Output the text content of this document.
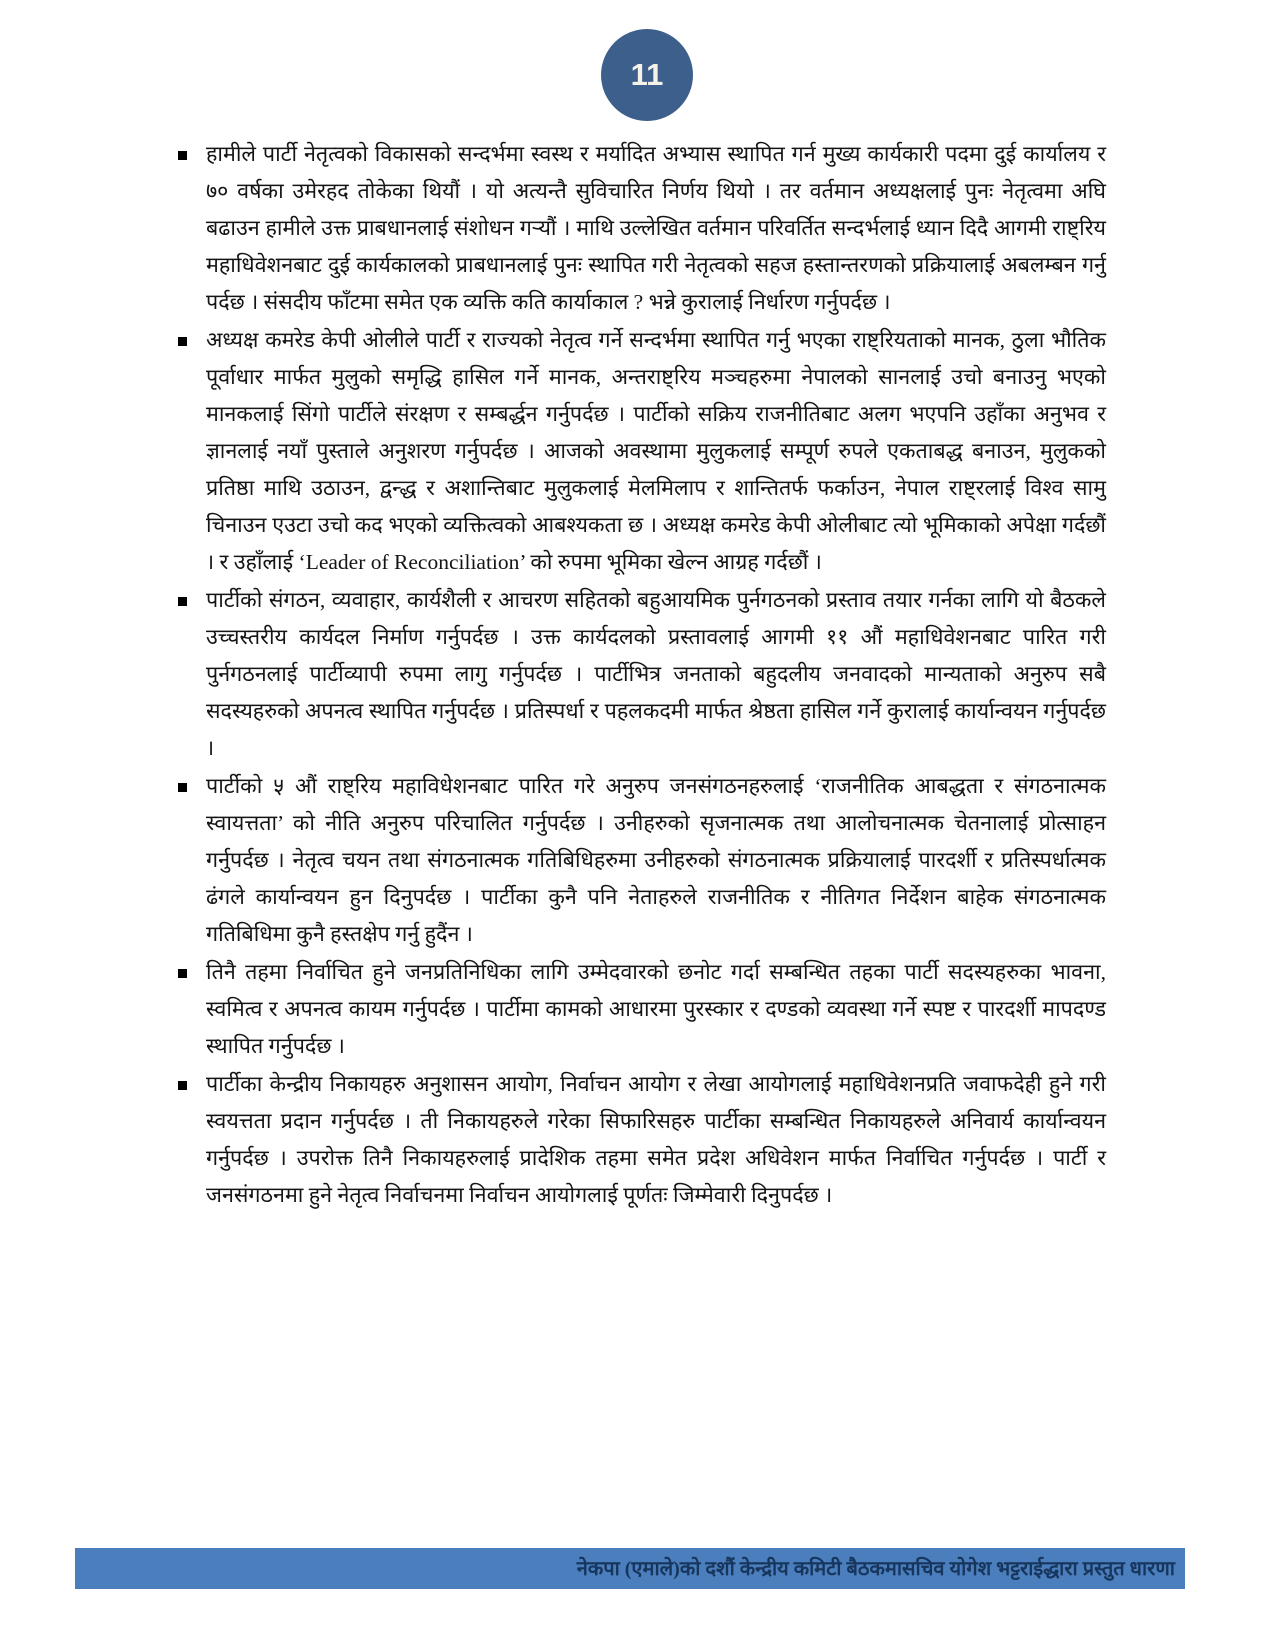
11
हामीले पार्टी नेतृत्वको विकासको सन्दर्भमा स्वस्थ र मर्यादित अभ्यास स्थापित गर्न मुख्य कार्यकारी पदमा दुई कार्यालय र ७० वर्षका उमेरहद तोकेका थियौं । यो अत्यन्तै सुविचारित निर्णय थियो । तर वर्तमान अध्यक्षलाई पुनः नेतृत्वमा अघि बढाउन हामीले उक्त प्राबधानलाई संशोधन गर्‍यौं । माथि उल्लेखित वर्तमान परिवर्तित सन्दर्भलाई ध्यान दिदै आगमी राष्ट्रिय महाधिवेशनबाट दुई कार्यकालको प्राबधानलाई पुनः स्थापित गरी नेतृत्वको सहज हस्तान्तरणको प्रक्रियालाई अबलम्बन गर्नु पर्दछ । संसदीय फाँटमा समेत एक व्यक्ति कति कार्याकाल ? भन्ने कुरालाई निर्धारण गर्नुपर्दछ ।
अध्यक्ष कमरेड केपी ओलीले पार्टी र राज्यको नेतृत्व गर्ने सन्दर्भमा स्थापित गर्नु भएका राष्ट्रियताको मानक, ठुला भौतिक पूर्वाधार मार्फत मुलुको समृद्धि हासिल गर्ने मानक, अन्तराष्ट्रिय मञ्चहरुमा नेपालको सानलाई उचो बनाउनु भएको मानकलाई सिंगो पार्टीले संरक्षण र सम्बर्द्धन गर्नुपर्दछ । पार्टीको सक्रिय राजनीतिबाट अलग भएपनि उहाँका अनुभव र ज्ञानलाई नयाँ पुस्ताले अनुशरण गर्नुपर्दछ । आजको अवस्थामा मुलुकलाई सम्पूर्ण रुपले एकताबद्ध बनाउन, मुलुकको प्रतिष्ठा माथि उठाउन, द्वन्द्ध र अशान्तिबाट मुलुकलाई मेलमिलाप र शान्तितर्फ फर्काउन, नेपाल राष्ट्रलाई विश्व सामु चिनाउन एउटा उचो कद भएको व्यक्तित्वको आबश्यकता छ । अध्यक्ष कमरेड केपी ओलीबाट त्यो भूमिकाको अपेक्षा गर्दछौं । र उहाँलाई ‘Leader of Reconciliation’ को रुपमा भूमिका खेल्न आग्रह गर्दछौं ।
पार्टीको संगठन, व्यवाहार, कार्यशैली र आचरण सहितको बहुआयमिक पुर्नगठनको प्रस्ताव तयार गर्नका लागि यो बैठकले उच्चस्तरीय कार्यदल निर्माण गर्नुपर्दछ । उक्त कार्यदलको प्रस्तावलाई आगमी ११ औं महाधिवेशनबाट पारित गरी पुर्नगठनलाई पार्टीव्यापी रुपमा लागु गर्नुपर्दछ । पार्टीभित्र जनताको बहुदलीय जनवादको मान्यताको अनुरुप सबै सदस्यहरुको अपनत्व स्थापित गर्नुपर्दछ । प्रतिस्पर्धा र पहलकदमी मार्फत श्रेष्ठता हासिल गर्ने कुरालाई कार्यान्वयन गर्नुपर्दछ ।
पार्टीको ५ औं राष्ट्रिय महाविधेशनबाट पारित गरे अनुरुप जनसंगठनहरुलाई ‘राजनीतिक आबद्धता र संगठनात्मक स्वायत्तता’ को नीति अनुरुप परिचालित गर्नुपर्दछ । उनीहरुको सृजनात्मक तथा आलोचनात्मक चेतनालाई प्रोत्साहन गर्नुपर्दछ । नेतृत्व चयन तथा संगठनात्मक गतिबिधिहरुमा उनीहरुको संगठनात्मक प्रक्रियालाई पारदर्शी र प्रतिस्पर्धात्मक ढंगले कार्यान्वयन हुन दिनुपर्दछ । पार्टीका कुनै पनि नेताहरुले राजनीतिक र नीतिगत निर्देशन बाहेक संगठनात्मक गतिबिधिमा कुनै हस्तक्षेप गर्नु हुदैंन ।
तिनै तहमा निर्वाचित हुने जनप्रतिनिधिका लागि उम्मेदवारको छनोट गर्दा सम्बन्धित तहका पार्टी सदस्यहरुका भावना, स्वमित्व र अपनत्व कायम गर्नुपर्दछ । पार्टीमा कामको आधारमा पुरस्कार र दण्डको व्यवस्था गर्ने स्पष्ट र पारदर्शी मापदण्ड स्थापित गर्नुपर्दछ ।
पार्टीका केन्द्रीय निकायहरु अनुशासन आयोग, निर्वाचन आयोग र लेखा आयोगलाई महाधिवेशनप्रति जवाफदेही हुने गरी स्वयत्तता प्रदान गर्नुपर्दछ । ती निकायहरुले गरेका सिफारिसहरु पार्टीका सम्बन्धित निकायहरुले अनिवार्य कार्यान्वयन गर्नुपर्दछ । उपरोक्त तिनै निकायहरुलाई प्रादेशिक तहमा समेत प्रदेश अधिवेशन मार्फत निर्वाचित गर्नुपर्दछ । पार्टी र जनसंगठनमा हुने नेतृत्व निर्वाचनमा निर्वाचन आयोगलाई पूर्णतः जिम्मेवारी दिनुपर्दछ ।
नेकपा (एमाले)को दशौं केन्द्रीय कमिटी बैठकमासचिव योगेश भट्टराईद्धारा प्रस्तुत धारणा
